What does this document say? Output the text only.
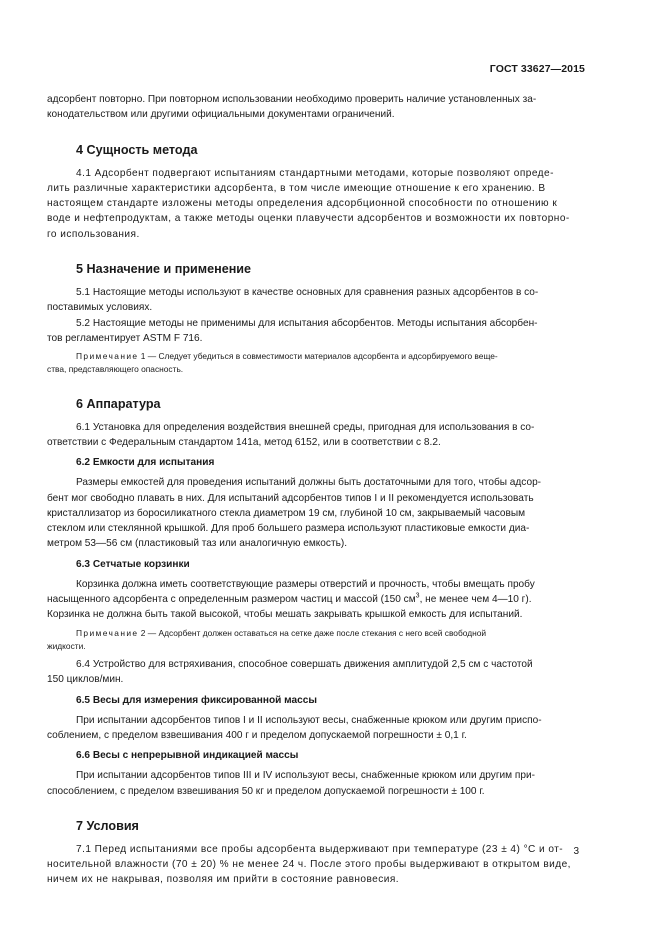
ГОСТ 33627—2015

адсорбент повторно. При повторном использовании необходимо проверить наличие установленных за-
конодательством или другими официальными документами ограничений.

4 Сущность метода

4.1 Адсорбент подвергают испытаниям стандартными методами, которые позволяют опреде-
лить различные характеристики адсорбента, в том числе имеющие отношение к его хранению. В
настоящем стандарте изложены методы определения адсорбционной способности по отношению к
воде и нефтепродуктам, а также методы оценки плавучести адсорбентов и возможности их повторно-
го использования.

5 Назначение и применение

5.1 Настоящие методы используют в качестве основных для сравнения разных адсорбентов в со-
поставимых условиях.

5.2 Настоящие методы не применимы для испытания абсорбентов. Методы испытания абсорбен-
тов регламентирует ASTM F 716.

Примечание 1 — Следует убедиться в совместимости материалов адсорбента и адсорбируемого веще-
ства, представляющего опасность.
6 Аппаратура

6.1 Установка для определения воздействия внешней среды, пригодная для использования в со-
ответствии с Федеральным стандартом 141а, метод 6152, или в соответствии с 8.2.

6.2 Емкости для испытания

Размеры емкостей для проведения испытаний должны быть достаточными для того, чтобы адсор-
бент мог свободно плавать в них. Для испытаний адсорбентов типов I и II рекомендуется использовать
кристаллизатор из боросиликатного стекла диаметром 19 см, глубиной 10 см, закрываемый часовым
стеклом или стеклянной крышкой. Для проб большего размера используют пластиковые емкости диа-
метром 53—56 см (пластиковый таз или аналогичную емкость).

6.3 Сетчатые корзинки

Корзинка должна иметь соответствующие размеры отверстий и прочность, чтобы вмещать пробу
насыщенного адсорбента с определенным размером частиц и массой (150 $см^3$, не менее чем 4—10 г).
Корзинка не должна быть такой высокой, чтобы мешать закрывать крышкой емкость для испытаний.

Примечание 2 — Адсорбент должен оставаться на сетке даже после стекания с него всей свободной
жидкости.

6.4 Устройство для встряхивания, способное совершать движения амплитудой 2,5 см с частотой
150 циклов/мин.

6.5 Весы для измерения фиксированной массы

При испытании адсорбентов типов I и II используют весы, снабженные крюком или другим приспо-
соблением, с пределом взвешивания 400 г и пределом допускаемой погрешности ± 0,1 г.

6.6 Весы с непрерывной индикацией массы

При испытании адсорбентов типов III и IV используют весы, снабженные крюком или другим при-
способлением, с пределом взвешивания 50 кг и пределом допускаемой погрешности ± 100 г.

7 Условия

7.1 Перед испытаниями все пробы адсорбента выдерживают при температуре (23 ± 4) °С и от-
носительной влажности (70 ± 20) % не менее 24 ч. После этого пробы выдерживают в открытом виде,
ничем их не накрывая, позволяя им прийти в состояние равновесия.

3
